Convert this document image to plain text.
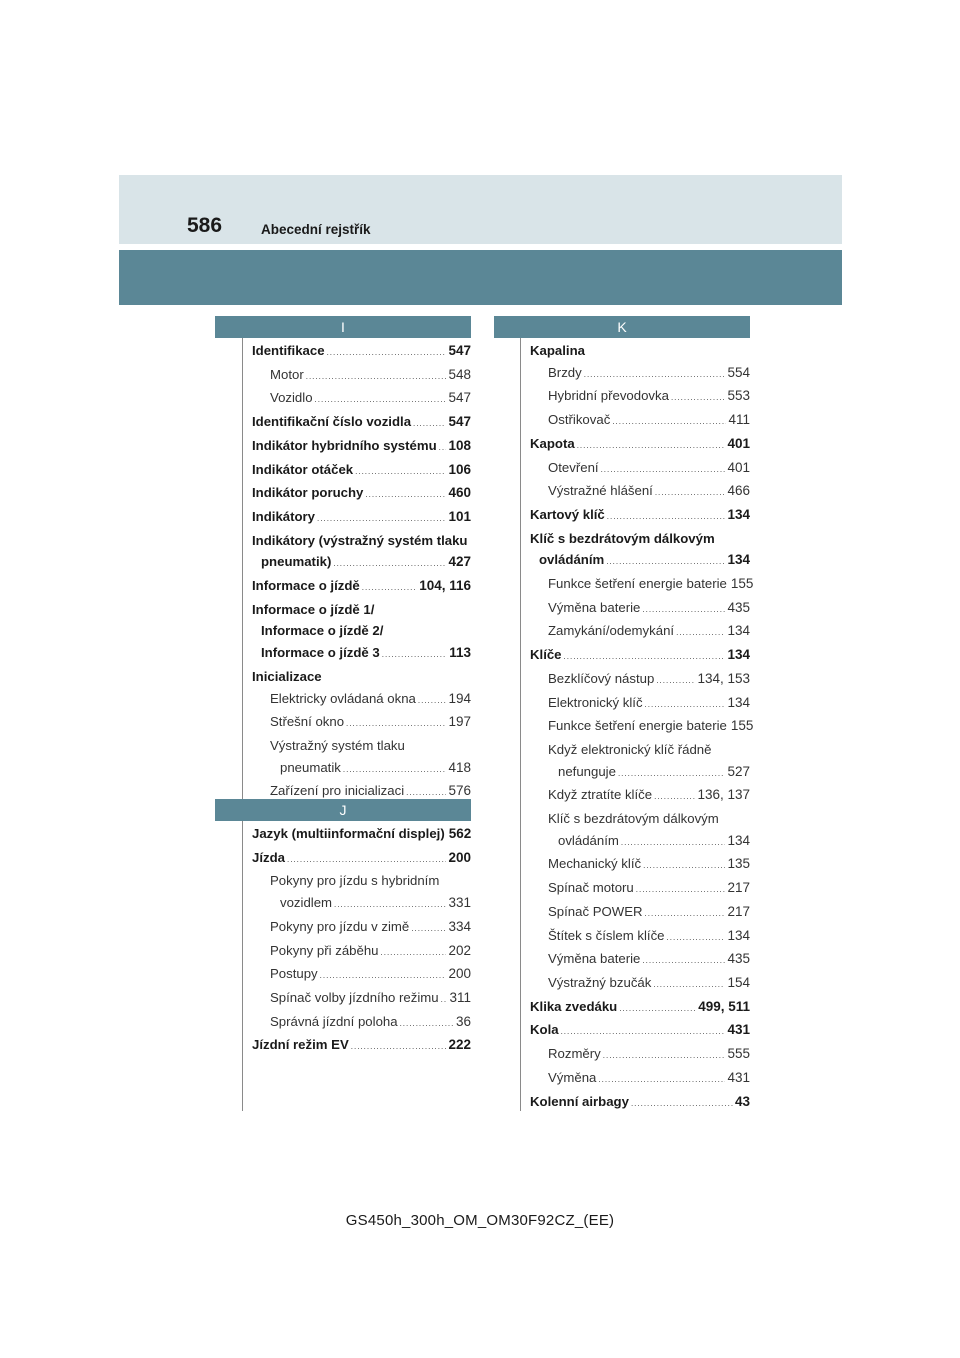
586	Abecední rejstřík
I
Identifikace .....	547
Motor .....	548
Vozidlo .....	547
Identifikační číslo vozidla .....	547
Indikátor hybridního systému ..... 108
Indikátor otáček .....	106
Indikátor poruchy .....	460
Indikátory .....	101
Indikátory (výstražný systém tlaku
pneumatik) .....	427
Informace o jízdě .....	104, 116
Informace o jízdě 1/
Informace o jízdě 2/
Informace o jízdě 3 .....	113
Inicializace
Elektricky ovládaná okna ..... 194
Střešní okno .....	197
Výstražný systém tlaku
pneumatik .....	418
Zařízení pro inicializaci .....	576
J
Jazyk (multiinformační displej) 562
Jízda .....	200
Pokyny pro jízdu s hybridním
vozidlem .....	331
Pokyny pro jízdu v zimě .....	334
Pokyny při záběhu .....	202
Postupy .....	200
Spínač volby jízdního režimu ..... 311
Správná jízdní poloha .....	36
Jízdní režim EV .....	222
K
Kapalina
Brzdy .....	554
Hybridní převodovka .....	553
Ostřikovač .....	411
Kapota .....	401
Otevření .....	401
Výstražné hlášení .....	466
Kartový klíč .....	134
Klíč s bezdrátovým dálkovým
ovládáním .....	134
Funkce šetření energie baterie 155
Výměna baterie .....	435
Zamykání/odemykání .....	134
Klíče .....	134
Bezklíčový nástup .....	134, 153
Elektronický klíč .....	134
Funkce šetření energie baterie 155
Když elektronický klíč řádně
nefunguje .....	527
Když ztratíte klíče .....	136, 137
Klíč s bezdrátovým dálkovým
ovládáním .....	134
Mechanický klíč .....	135
Spínač motoru .....	217
Spínač POWER .....	217
Štítek s číslem klíče .....	134
Výměna baterie .....	435
Výstražný bzučák .....	154
Klika zvedáku .....	499, 511
Kola .....	431
Rozměry .....	555
Výměna .....	431
Kolenní airbagy .....	43
GS450h_300h_OM_OM30F92CZ_(EE)
